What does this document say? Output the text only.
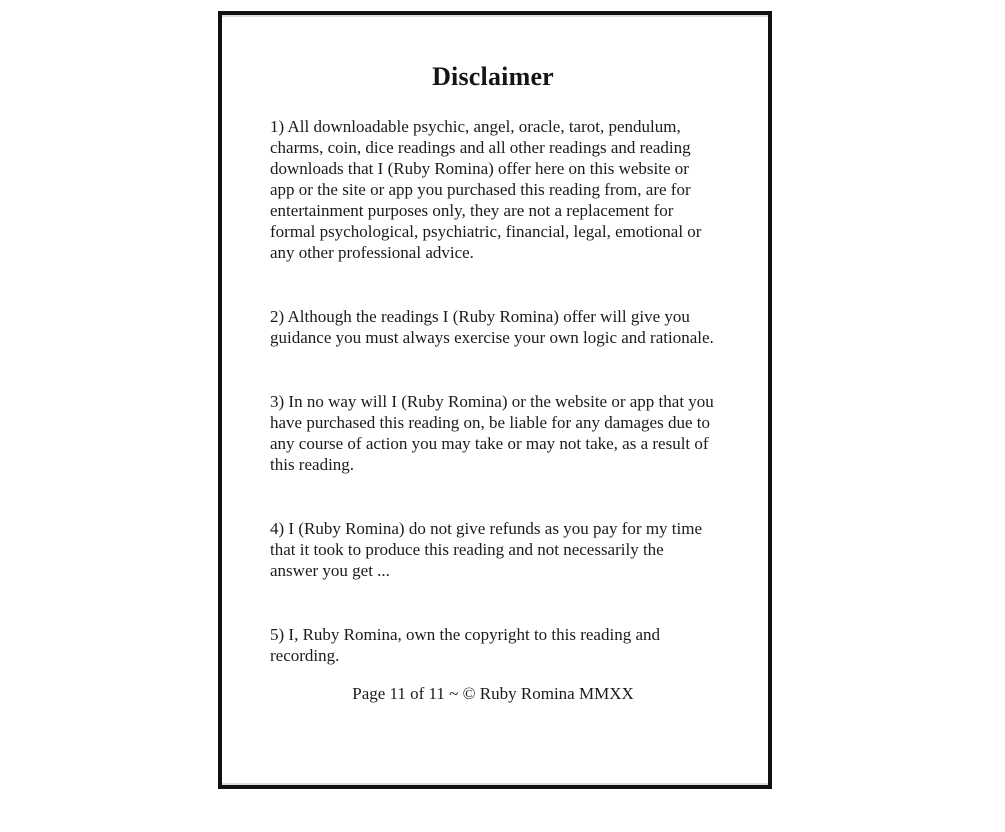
Disclaimer

1) All downloadable psychic, angel, oracle, tarot, pendulum, charms, coin, dice readings and all other readings and reading downloads that I (Ruby Romina) offer here on this website or app or the site or app you purchased this reading from, are for entertainment purposes only, they are not a replacement for formal psychological, psychiatric, financial, legal, emotional or any other professional advice.

2) Although the readings I (Ruby Romina) offer will give you guidance you must always exercise your own logic and rationale.

3) In no way will I (Ruby Romina) or the website or app that you have purchased this reading on, be liable for any damages due to any course of action you may take or may not take, as a result of this reading.

4) I (Ruby Romina) do not give refunds as you pay for my time that it took to produce this reading and not necessarily the answer you get ...

5) I, Ruby Romina, own the copyright to this reading and recording.

Page 11 of 11 ~ © Ruby Romina MMXX
